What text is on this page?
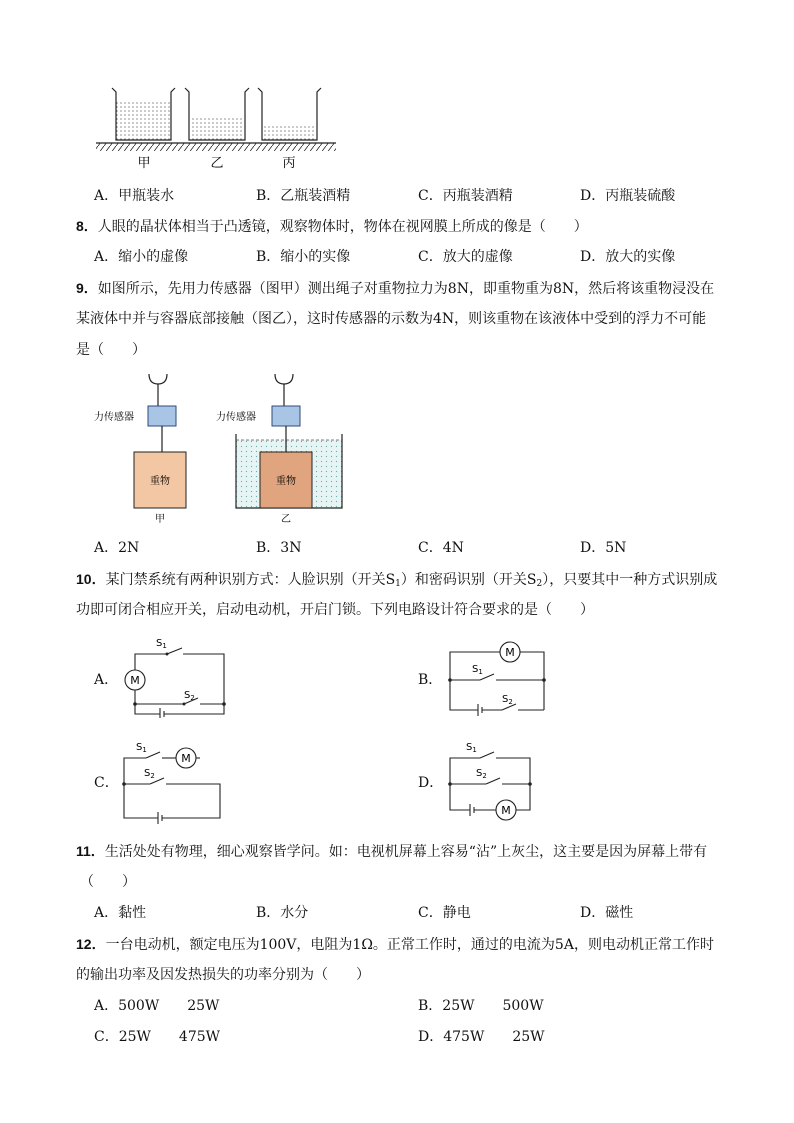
甲	乙	丙
A．甲瓶装水	B．乙瓶装酒精	C．丙瓶装酒精	D．丙瓶装硫酸
8．人眼的晶状体相当于凸透镜，观察物体时，物体在视网膜上所成的像是（　　）
A．缩小的虚像	B．缩小的实像	C．放大的虚像	D．放大的实像
9．如图所示，先用力传感器（图甲）测出绳子对重物拉力为8N，即重物重为8N，然后将该重物浸没在
某液体中并与容器底部接触（图乙），这时传感器的示数为4N，则该重物在该液体中受到的浮力不可能
是（　　）
力传感器
重物
甲
力传感器
重物
乙
A．2N	B．3N	C．4N	D．5N
10．某门禁系统有两种识别方式：人脸识别（开关$S_1$）和密码识别（开关$S_2$），只要其中一种方式识别成
功即可闭合相应开关，启动电动机，开启门锁。下列电路设计符合要求的是（　　）
A． M
$S_1$
$S_2$
B．
M
$S_1$
$S_2$
C．
M
$S_1$
$S_2$	D．
M
$S_1$
$S_2$
11．生活处处有物理，细心观察皆学问。如：电视机屏幕上容易“沾”上灰尘，这主要是因为屏幕上带有
（　　）
A．黏性	B．水分	C．静电	D．磁性
12．一台电动机，额定电压为100V，电阻为1Ω。正常工作时，通过的电流为5A，则电动机正常工作时
的输出功率及因发热损失的功率分别为（　　）
A．500W　　25W	B．25W　　500W
C．25W　　475W	D．475W　　25W
